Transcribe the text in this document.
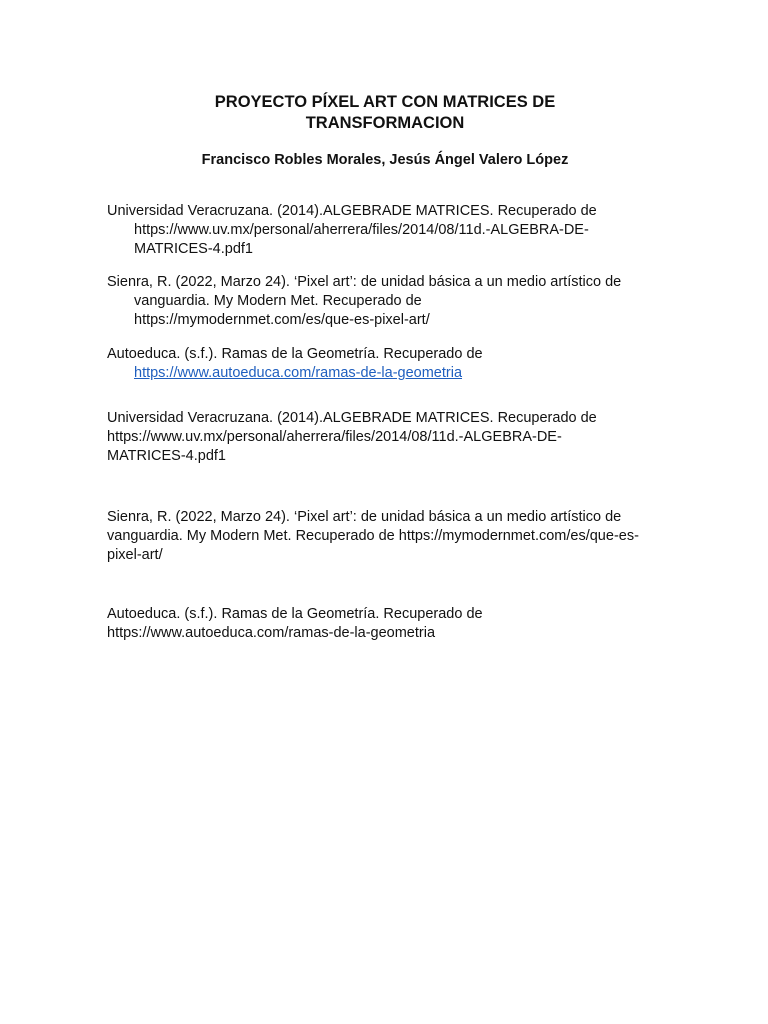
PROYECTO PÍXEL ART CON MATRICES DE
TRANSFORMACION

Francisco Robles Morales, Jesús Ángel Valero López

Universidad Veracruzana. (2014).ALGEBRADE MATRICES. Recuperado de
https://www.uv.mx/personal/aherrera/files/2014/08/11d.-ALGEBRA-DE-
MATRICES-4.pdf1

Sienra, R. (2022, Marzo 24). ‘Pixel art’: de unidad básica a un medio artístico de
vanguardia. My Modern Met. Recuperado de
https://mymodernmet.com/es/que-es-pixel-art/

Autoeduca. (s.f.). Ramas de la Geometría. Recuperado de
https://www.autoeduca.com/ramas-de-la-geometria

Universidad Veracruzana. (2014).ALGEBRADE MATRICES. Recuperado de
https://www.uv.mx/personal/aherrera/files/2014/08/11d.-ALGEBRA-DE-
MATRICES-4.pdf1

Sienra, R. (2022, Marzo 24). ‘Pixel art’: de unidad básica a un medio artístico de
vanguardia. My Modern Met. Recuperado de https://mymodernmet.com/es/que-es-
pixel-art/

Autoeduca. (s.f.). Ramas de la Geometría. Recuperado de
https://www.autoeduca.com/ramas-de-la-geometria
